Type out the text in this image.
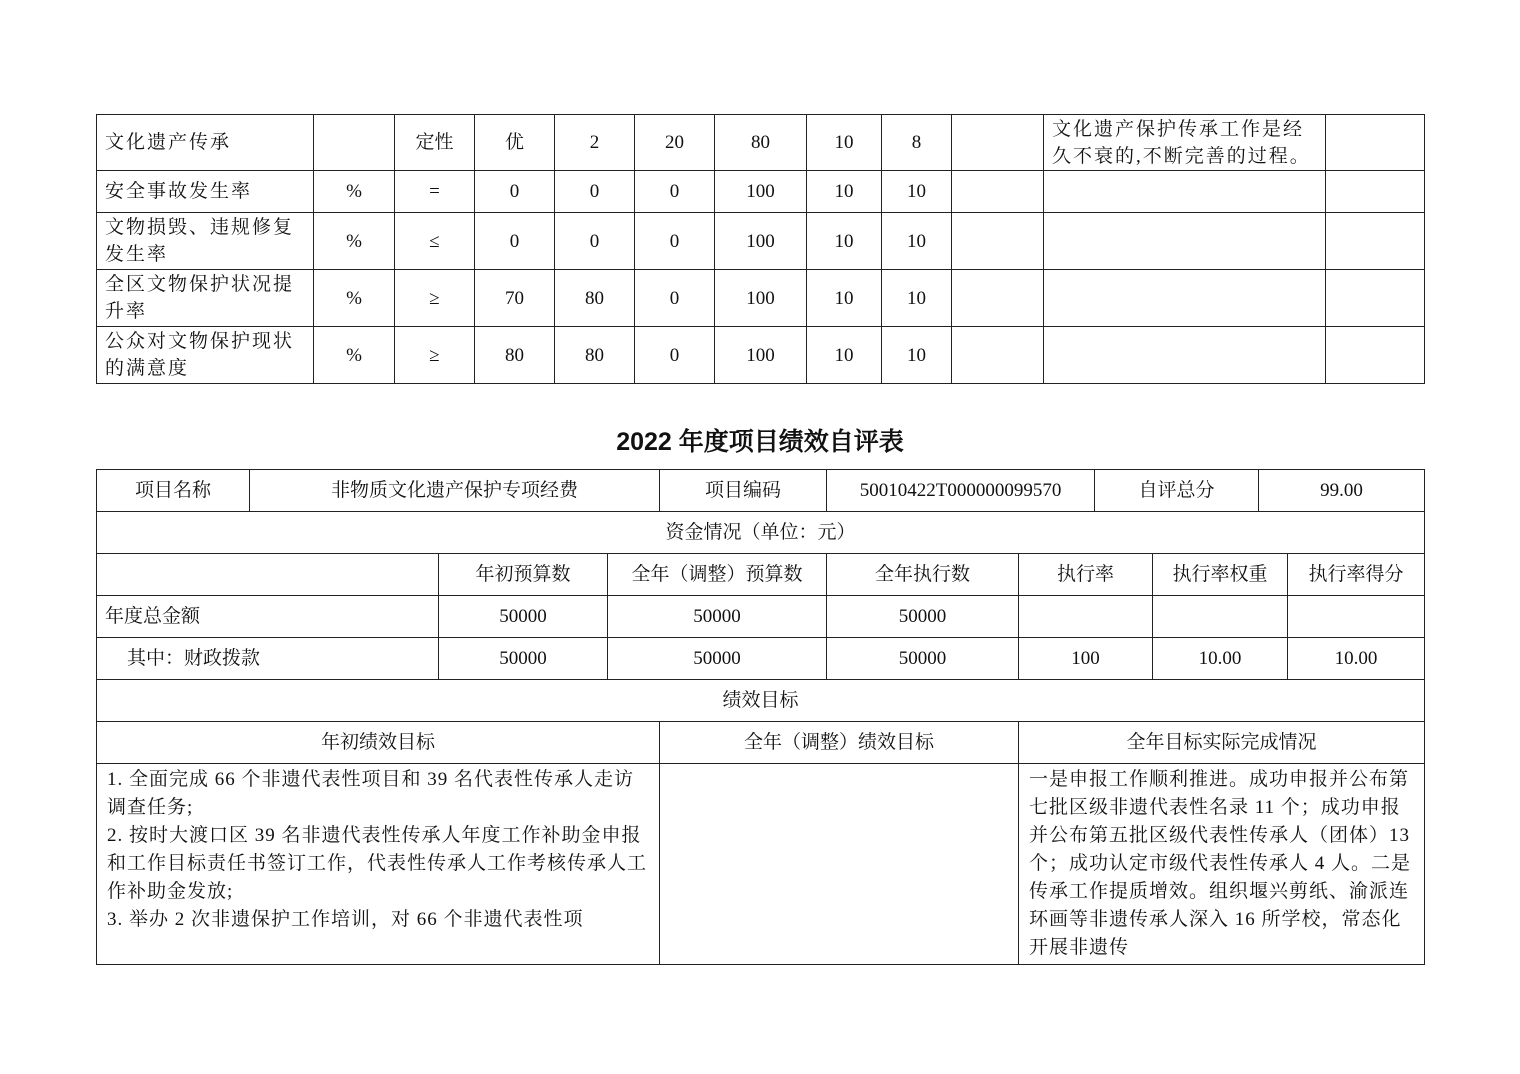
文化遗产传承		定性	优	2	20	80	10	8		文化遗产保护传承工作是经久不衰的,不断完善的过程。	
安全事故发生率	%	=	0	0	0	100	10	10			
文物损毁、违规修复发生率	%	≤	0	0	0	100	10	10			
全区文物保护状况提升率	%	≥	70	80	0	100	10	10			
公众对文物保护现状的满意度	%	≥	80	80	0	100	10	10			
2022 年度项目绩效自评表
项目名称	非物质文化遗产保护专项经费			项目编码	50010422T000000099570		自评总分		99.00	
资金情况（单位：元）										
		年初预算数	全年（调整）预算数		全年执行数	执行率		执行率权重		执行率得分
年度总金额		50000	50000		50000					
其中：财政拨款		50000	50000		50000	100		10.00		10.00
绩效目标										
年初绩效目标				全年（调整）绩效目标		全年目标实际完成情况				
1. 全面完成 66 个非遗代表性项目和 39 名代表性传承人走访调查任务;
2. 按时大渡口区 39 名非遗代表性传承人年度工作补助金申报和工作目标责任书签订工作，代表性传承人工作考核传承人工作补助金发放;
3. 举办 2 次非遗保护工作培训，对 66 个非遗代表性项						一是申报工作顺利推进。成功申报并公布第七批区级非遗代表性名录 11 个；成功申报并公布第五批区级代表性传承人（团体）13 个；成功认定市级代表性传承人 4 人。二是传承工作提质增效。组织堰兴剪纸、渝派连环画等非遗传承人深入 16 所学校，常态化开展非遗传				
